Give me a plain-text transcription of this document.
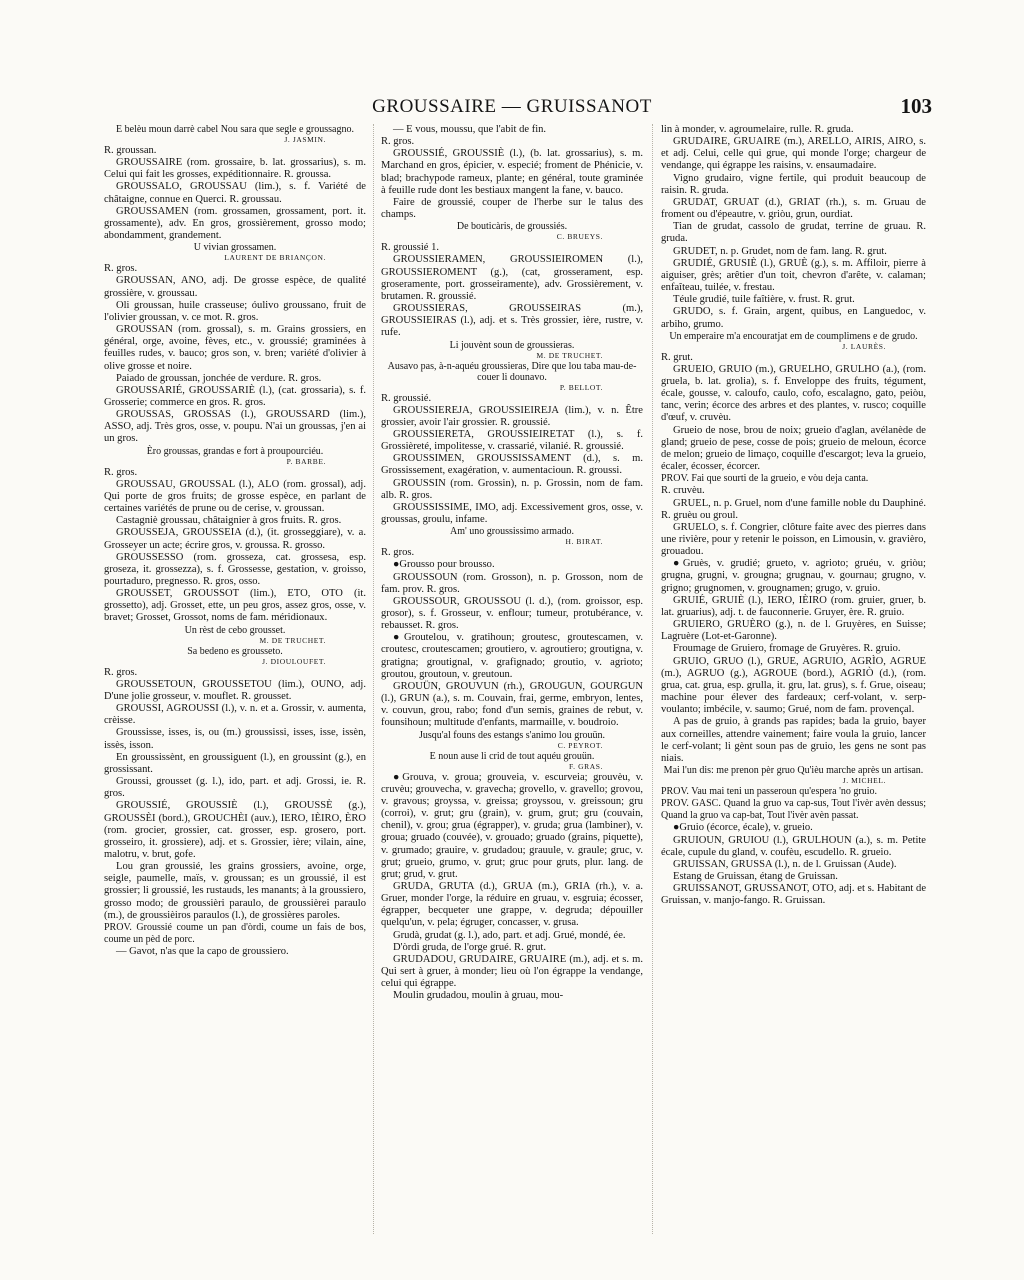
GROUSSAIRE — GRUISSANOT	103

E belèu moun darrè cabel Nou sara que segle e groussagno.

J. JASMIN.

R. groussan.

GROUSSAIRE (rom. grossaire, b. lat. grossarius), s. m. Celui qui fait les grosses, expéditionnaire. R. groussa.

GROUSSALO, GROUSSAU (lim.), s. f. Variété de châtaigne, connue en Querci. R. groussau.

GROUSSAMEN (rom. grossamen, grossament, port. it. grossamente), adv. En gros, grossièrement, grosso modo; abondamment, grandement.

U vivian grossamen.

LAURENT DE BRIANÇON.

R. gros.

GROUSSAN, ANO, adj. De grosse espèce, de qualité grossière, v. groussau.

Oli groussan, huile crasseuse; óulivo groussano, fruit de l'olivier groussan, v. ce mot. R. gros.

GROUSSAN (rom. grossal), s. m. Grains grossiers, en général, orge, avoine, fèves, etc., v. groussié; graminées à feuilles rudes, v. bauco; gros son, v. bren; variété d'olivier à olive grosse et noire.

Paiado de groussan, jonchée de verdure. R. gros.

GROUSSARIÉ, GROUSSARIÈ (l.), (cat. grossaria), s. f. Grosserie; commerce en gros. R. gros.

GROUSSAS, GROSSAS (l.), GROUSSARD (lim.), ASSO, adj. Très gros, osse, v. poupu. N'ai un groussas, j'en ai un gros.

Èro groussas, grandas e fort à proupourciéu.

P. BARBE.

R. gros.

GROUSSAU, GROUSSAL (l.), ALO (rom. grossal), adj. Qui porte de gros fruits; de grosse espèce, en parlant de certaines variétés de prune ou de cerise, v. groussan.

Castagniè groussau, châtaignier à gros fruits. R. gros.

GROUSSEJA, GROUSSEIA (d.), (it. grosseggiare), v. a. Grosseyer un acte; écrire gros, v. groussa. R. grosso.

GROUSSESSO (rom. grosseza, cat. grossesa, esp. groseza, it. grossezza), s. f. Grossesse, gestation, v. groisso, pourtaduro, pregnesso. R. gros, osso.

GROUSSET, GROUSSOT (lim.), ETO, OTO (it. grossetto), adj. Grosset, ette, un peu gros, assez gros, osse, v. bravet; Grosset, Grossot, noms de fam. méridionaux.

Un rèst de cebo grousset.

M. DE TRUCHET.

Sa bedeno es grousseto.

J. DIOULOUFET.

R. gros.

GROUSSETOUN, GROUSSETOU (lim.), OUNO, adj. D'une jolie grosseur, v. mouflet. R. grousset.

GROUSSI, AGROUSSI (l.), v. n. et a. Grossir, v. aumenta, crèisse.

Groussisse, isses, is, ou (m.) groussissi, isses, isse, issèn, issès, isson.

En groussissènt, en groussiguent (l.), en groussint (g.), en grossissant.

Groussi, grousset (g. l.), ido, part. et adj. Grossi, ie. R. gros.

GROUSSIÉ, GROUSSIÈ (l.), GROUSSÈ (g.), GROUSSÈI (bord.), GROUCHÈI (auv.), IERO, IÈIRO, ÈRO (rom. grocier, grossier, cat. grosser, esp. grosero, port. grosseiro, it. grossiere), adj. et s. Grossier, ière; vilain, aine, malotru, v. brut, gofe.

Lou gran groussié, les grains grossiers, avoine, orge, seigle, paumelle, maïs, v. groussan; es un groussié, il est grossier; li groussié, les rustauds, les manants; à la groussiero, grosso modo; de groussièri paraulo, de groussièrei paraulo (m.), de groussièiros paraulos (l.), de grossières paroles.

PROV. Groussié coume un pan d'òrdi, coume un fais de bos, coume un pèd de porc.

— Gavot, n'as que la capo de groussiero.

— E vous, moussu, que l'abit de fin.

R. gros.

GROUSSIÉ, GROUSSIÈ (l.), (b. lat. grossarius), s. m. Marchand en gros, épicier, v. especié; froment de Phénicie, v. blad; brachypode rameux, plante; en général, toute graminée à feuille rude dont les bestiaux mangent la fane, v. bauco.

Faire de groussié, couper de l'herbe sur le talus des champs.

De bouticàris, de groussiés.

C. BRUEYS.

R. groussié 1.

GROUSSIERAMEN, GROUSSIEIROMEN (l.), GROUSSIEROMENT (g.), (cat, grosserament, esp. groseramente, port. grosseiramente), adv. Grossièrement, v. brutamen. R. groussié.

GROUSSIERAS, GROUSSEIRAS (m.), GROUSSIEIRAS (l.), adj. et s. Très grossier, ière, rustre, v. rufe.

Li jouvènt soun de groussieras.

M. DE TRUCHET.

Ausavo pas, à-n-aquéu groussieras, Dire que lou taba mau-de-couer li dounavo.

P. BELLOT.

R. groussié.

GROUSSIEREJA, GROUSSIEIREJA (lim.), v. n. Être grossier, avoir l'air grossier. R. groussié.

GROUSSIERETA, GROUSSIEIRETAT (l.), s. f. Grossièreté, impolitesse, v. crassarié, vilanié. R. groussié.

GROUSSIMEN, GROUSSISSAMENT (d.), s. m. Grossissement, exagération, v. aumentacioun. R. groussi.

GROUSSIN (rom. Grossin), n. p. Grossin, nom de fam. alb. R. gros.

GROUSSISSIME, IMO, adj. Excessivement gros, osse, v. groussas, groulu, infame.

Am' uno groussissimo armado.

H. BIRAT.

R. gros.

●Grousso pour brousso.

GROUSSOUN (rom. Grosson), n. p. Grosson, nom de fam. prov. R. gros.

GROUSSOUR, GROUSSOU (l. d.), (rom. groissor, esp. grosor), s. f. Grosseur, v. enflour; tumeur, protubérance, v. rebausset. R. gros.

●Groutelou, v. gratihoun; groutesc, groutescamen, v. croutesc, croutescamen; groutiero, v. agroutiero; groutigna, v. gratigna; groutignal, v. grafignado; groutio, v. agrioto; groutou, groutoun, v. greutoun.

GROUÜN, GROUVUN (rh.), GROUGUN, GOURGUN (l.), GRUN (a.), s. m. Couvain, frai, germe, embryon, lentes, v. couvun, grou, rabo; fond d'un semis, graines de rebut, v. founsihoun; multitude d'enfants, marmaille, v. boudroio.

Jusqu'al founs des estangs s'animo lou grouün.

C. PEYROT.

E noun ause li crid de tout aquéu grouün.

F. GRAS.

●Grouva, v. groua; grouveia, v. escurveia; grouvèu, v. cruvèu; grouvecha, v. gravecha; grovello, v. gravello; grovou, v. gravous; groyssa, v. greissa; groyssou, v. greissoun; gru (corroi), v. grut; gru (grain), v. grum, grut; gru (couvain, chenil), v. grou; grua (égrapper), v. gruda; grua (lambiner), v. groua; gruado (couvée), v. grouado; gruado (grains, piquette), v. grumado; grauire, v. grudadou; grauule, v. graule; gruc, v. grut; grueio, grumo, v. grut; gruc pour gruts, plur. lang. de grut; grud, v. grut.

GRUDA, GRUTA (d.), GRUA (m.), GRIA (rh.), v. a. Gruer, monder l'orge, la réduire en gruau, v. esgruia; écosser, égrapper, becqueter une grappe, v. degruda; dépouiller quelqu'un, v. pela; égruger, concasser, v. grusa.

Grudà, grudat (g. l.), ado, part. et adj. Grué, mondé, ée.

D'òrdi gruda, de l'orge grué. R. grut.

GRUDADOU, GRUDAIRE, GRUAIRE (m.), adj. et s. m. Qui sert à gruer, à monder; lieu où l'on égrappe la vendange, celui qui égrappe.

Moulin grudadou, moulin à gruau, mou-

lin à monder, v. agroumelaire, rulle. R. gruda.

GRUDAIRE, GRUAIRE (m.), ARELLO, AIRIS, AIRO, s. et adj. Celui, celle qui grue, qui monde l'orge; chargeur de vendange, qui égrappe les raisins, v. ensaumadaire.

Vigno grudairo, vigne fertile, qui produit beaucoup de raisin. R. gruda.

GRUDAT, GRUAT (d.), GRIAT (rh.), s. m. Gruau de froment ou d'épeautre, v. griòu, grun, ourdiat.

Tian de grudat, cassolo de grudat, terrine de gruau. R. gruda.

GRUDET, n. p. Grudet, nom de fam. lang. R. grut.

GRUDIÉ, GRUSIÈ (l.), GRUÈ (g.), s. m. Affiloir, pierre à aiguiser, grès; arêtier d'un toit, chevron d'arête, v. calaman; enfaîteau, tuilée, v. frestau.

Téule grudié, tuile faîtière, v. frust. R. grut.

GRUDO, s. f. Grain, argent, quibus, en Languedoc, v. arbiho, grumo.

Un emperaire m'a encouratjat em de coumplimens e de grudo.

J. LAURÈS.

R. grut.

GRUEIO, GRUIO (m.), GRUELHO, GRULHO (a.), (rom. gruela, b. lat. grolia), s. f. Enveloppe des fruits, tégument, écale, gousse, v. caloufo, caulo, cofo, escalagno, gato, peiòu, tanc, verin; écorce des arbres et des plantes, v. rusco; coquille d'œuf, v. cruvèu.

Grueio de nose, brou de noix; grueio d'aglan, avélanède de gland; grueio de pese, cosse de pois; grueio de meloun, écorce de melon; grueio de limaço, coquille d'escargot; leva la grueio, écaler, écosser, écorcer.

PROV. Fai que sourti de la grueio, e vòu deja canta.

R. cruvèu.

GRUEL, n. p. Gruel, nom d'une famille noble du Dauphiné. R. gruèu ou groul.

GRUELO, s. f. Congrier, clôture faite avec des pierres dans une rivière, pour y retenir le poisson, en Limousin, v. gravièro, grouadou.

●Gruès, v. grudié; grueto, v. agrioto; gruéu, v. griòu; grugna, grugni, v. grougna; grugnau, v. gournau; grugno, v. grigno; grugnomen, v. grougnamen; grugo, v. gruio.

GRUIÉ, GRUIÈ (l.), IERO, IÈIRO (rom. gruier, gruer, b. lat. gruarius), adj. t. de fauconnerie. Gruyer, ère. R. gruio.

GRUIERO, GRUÈRO (g.), n. de l. Gruyères, en Suisse; Lagruère (Lot-et-Garonne).

Froumage de Gruiero, fromage de Gruyères. R. gruio.

GRUIO, GRUO (l.), GRUE, AGRUIO, AGRÌO, AGRUE (m.), AGRUO (g.), AGROUE (bord.), AGRIÒ (d.), (rom. grua, cat. grua, esp. grulla, it. gru, lat. grus), s. f. Grue, oiseau; machine pour élever des fardeaux; cerf-volant, v. serp-voulanto; imbécile, v. saumo; Grué, nom de fam. provençal.

A pas de gruio, à grands pas rapides; bada la gruio, bayer aux corneilles, attendre vainement; faire voula la gruio, lancer le cerf-volant; li gènt soun pas de gruio, les gens ne sont pas niais.

Mai l'un dis: me prenon pèr gruo Qu'ièu marche après un artisan.

J. MICHEL.

PROV. Vau mai teni un passeroun qu'espera 'no gruio.

PROV. GASC. Quand la gruo va cap-sus, Tout l'ivèr avèn dessus; Quand la gruo va cap-bat, Tout l'ivèr avèn passat.

●Gruio (écorce, écale), v. grueio.

GRUIOUN, GRUIOU (l.), GRULHOUN (a.), s. m. Petite écale, cupule du gland, v. coufèu, escudello. R. grueio.

GRUISSAN, GRUSSA (l.), n. de l. Gruissan (Aude).

Estang de Gruissan, étang de Gruissan.

GRUISSANOT, GRUSSANOT, OTO, adj. et s. Habitant de Gruissan, v. manjo-fango. R. Gruissan.
